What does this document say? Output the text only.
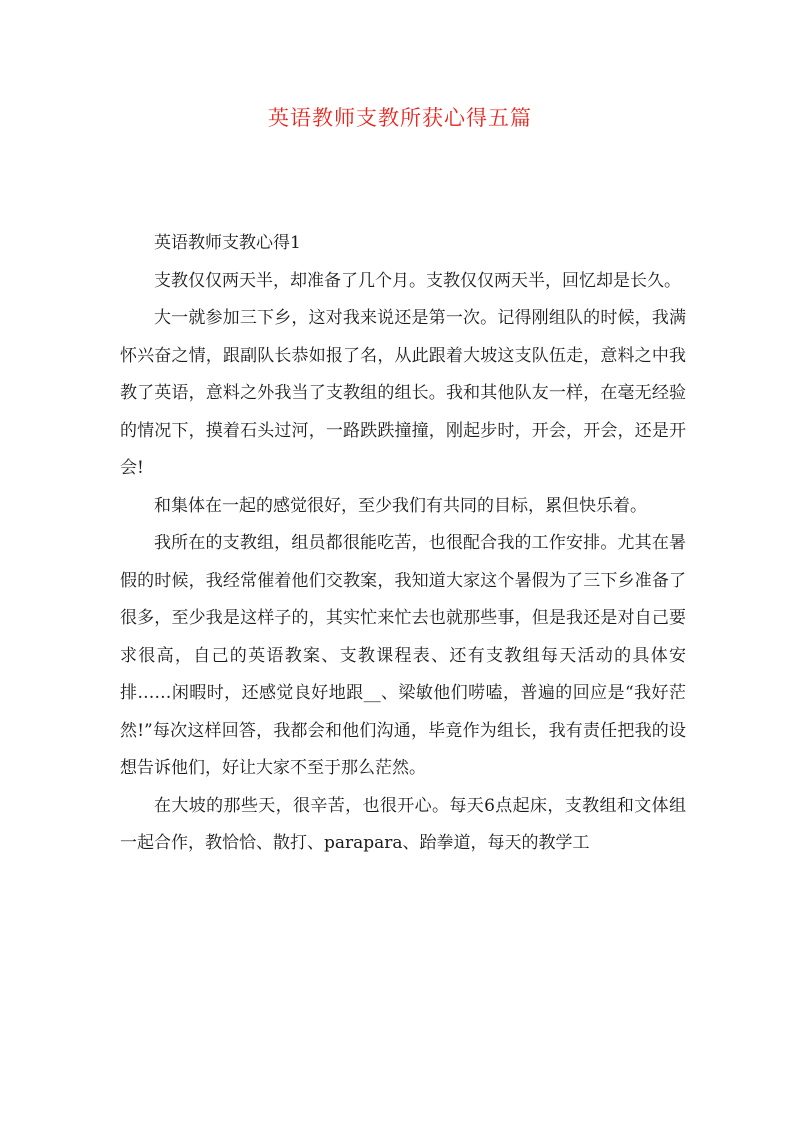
英语教师支教所获心得五篇

英语教师支教心得1

支教仅仅两天半，却准备了几个月。支教仅仅两天半，回忆却是长久。

大一就参加三下乡，这对我来说还是第一次。记得刚组队的时候，我满怀兴奋之情，跟副队长恭如报了名，从此跟着大坡这支队伍走，意料之中我教了英语，意料之外我当了支教组的组长。我和其他队友一样，在毫无经验的情况下，摸着石头过河，一路跌跌撞撞，刚起步时，开会，开会，还是开会!

和集体在一起的感觉很好，至少我们有共同的目标，累但快乐着。

我所在的支教组，组员都很能吃苦，也很配合我的工作安排。尤其在暑假的时候，我经常催着他们交教案，我知道大家这个暑假为了三下乡准备了很多，至少我是这样子的，其实忙来忙去也就那些事，但是我还是对自己要求很高，自己的英语教案、支教课程表、还有支教组每天活动的具体安排……闲暇时，还感觉良好地跟__、梁敏他们唠嗑，普遍的回应是“我好茫然!”每次这样回答，我都会和他们沟通，毕竟作为组长，我有责任把我的设想告诉他们，好让大家不至于那么茫然。

在大坡的那些天，很辛苦，也很开心。每天6点起床，支教组和文体组一起合作，教恰恰、散打、parapara、跆拳道，每天的教学工
